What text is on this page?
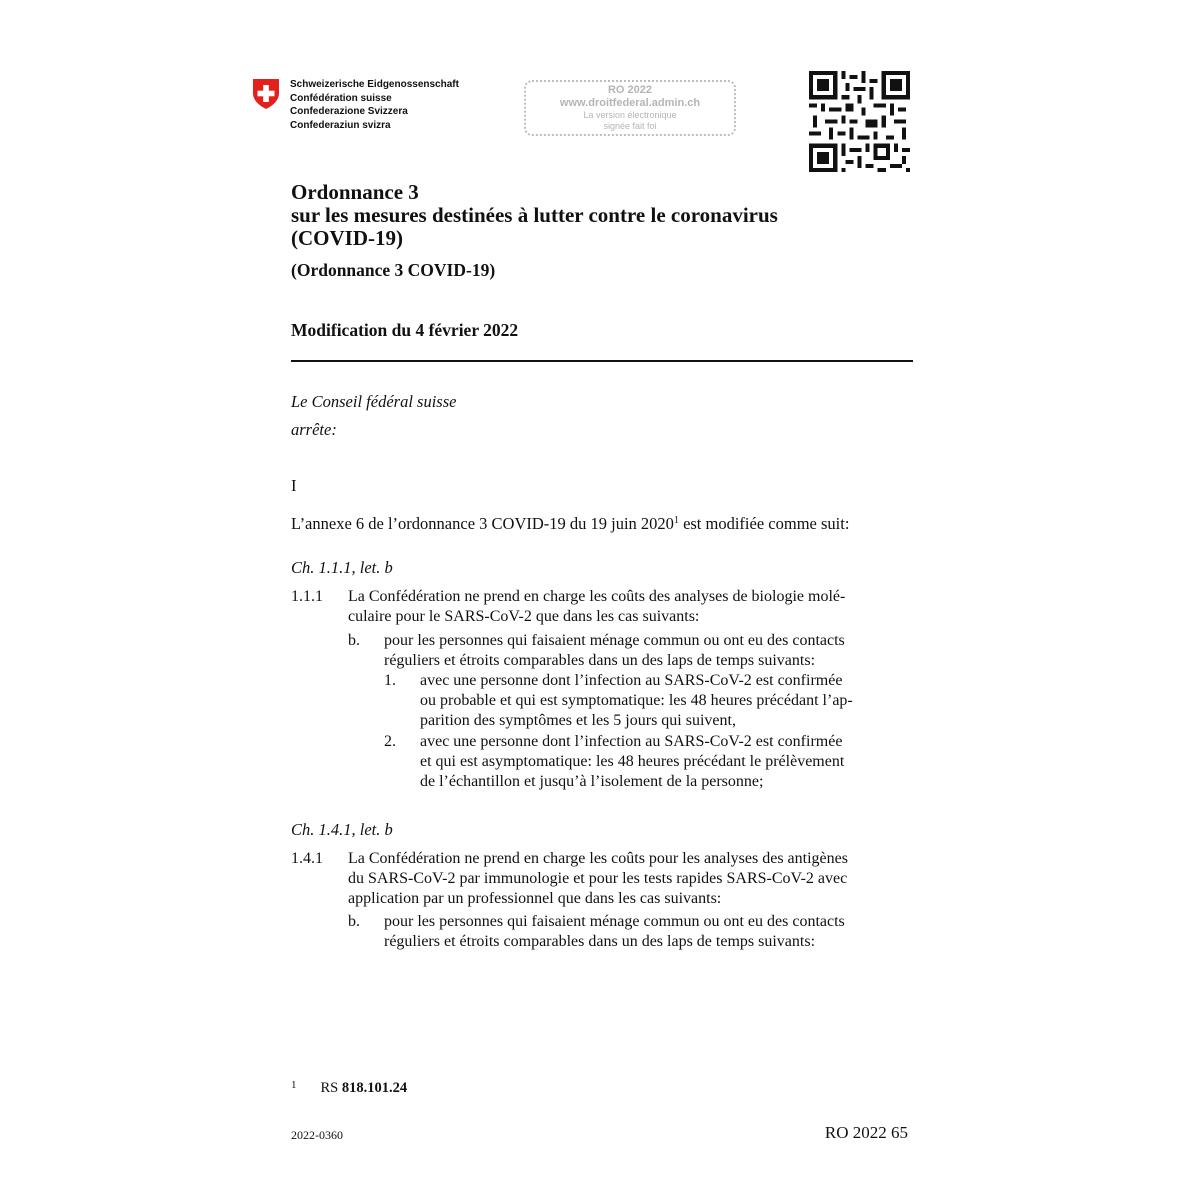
Schweizerische Eidgenossenschaft
Confédération suisse
Confederazione Svizzera
Confederaziun svizra
RO 2022
www.droitfederal.admin.ch
La version électronique
signée fait foi
Ordonnance 3
sur les mesures destinées à lutter contre le coronavirus
(COVID-19)
(Ordonnance 3 COVID-19)
Modification du 4 février 2022
Le Conseil fédéral suisse
arrête:
I
L’annexe 6 de l’ordonnance 3 COVID-19 du 19 juin 2020$^1$ est modifiée comme suit:
Ch. 1.1.1, let. b
1.1.1 La Confédération ne prend en charge les coûts des analyses de biologie molé-
culaire pour le SARS-CoV-2 que dans les cas suivants:
b. pour les personnes qui faisaient ménage commun ou ont eu des contacts
réguliers et étroits comparables dans un des laps de temps suivants:
1. avec une personne dont l’infection au SARS-CoV-2 est confirmée
ou probable et qui est symptomatique: les 48 heures précédant l’ap-
parition des symptômes et les 5 jours qui suivent,
2. avec une personne dont l’infection au SARS-CoV-2 est confirmée
et qui est asymptomatique: les 48 heures précédant le prélèvement
de l’échantillon et jusqu’à l’isolement de la personne;
Ch. 1.4.1, let. b
1.4.1 La Confédération ne prend en charge les coûts pour les analyses des antigènes
du SARS-CoV-2 par immunologie et pour les tests rapides SARS-CoV-2 avec
application par un professionnel que dans les cas suivants:
b. pour les personnes qui faisaient ménage commun ou ont eu des contacts
réguliers et étroits comparables dans un des laps de temps suivants:
$^1$ RS 818.101.24
2022-0360	RO 2022 65
